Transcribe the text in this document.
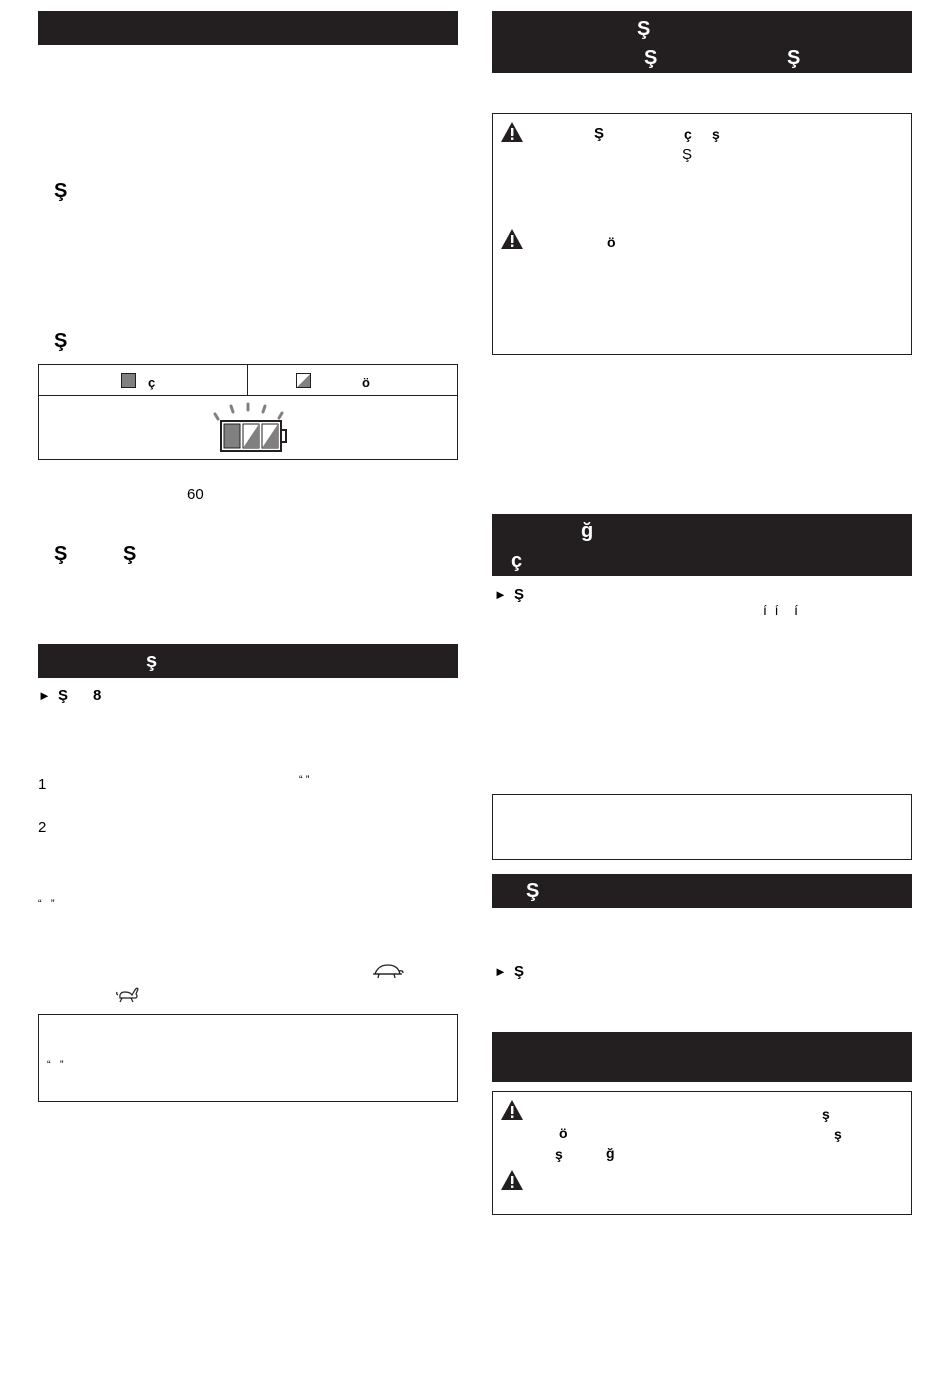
Ş
Ş
ç	ö
60
Ş	Ş
ş
► Ş 8
1	“ ”
2
“   ”
“   ”
Ş
Ş	Ş
Ş	ç ş
Ş
ö
ğ
ç
► Ş
í  í    í
Ş
► Ş
ş
ö	ş
ş	ğ
